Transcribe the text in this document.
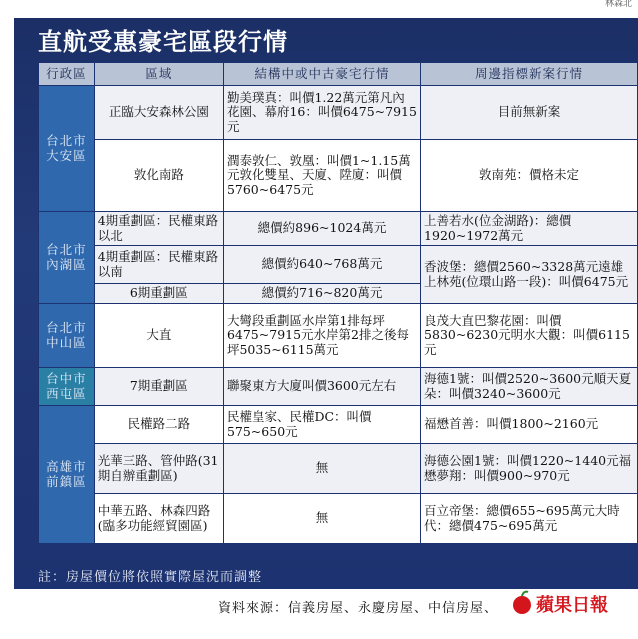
林森北
直航受惠豪宅區段行情
行政區	區域	結構中或中古豪宅行情	周邊指標新案行情
台北市大安區	正臨大安森林公園	勤美璞真：叫價1.22萬元第凡內花園、幕府16：叫價6475~7915元	目前無新案
	敦化南路	潤泰敦仁、敦凰：叫價1~1.15萬元敦化雙星、天廈、陞廈：叫價5760~6475元	敦南苑：價格未定
台北市內湖區	4期重劃區：民權東路以北	總價約896~1024萬元	上善若水(位金湖路)：總價1920~1972萬元
	4期重劃區：民權東路以南	總價約640~768萬元	香波堡：總價2560~3328萬元遠雄上林苑(位環山路一段)：叫價6475元
	6期重劃區	總價約716~820萬元	
台北市中山區	大直	大彎段重劃區水岸第1排每坪6475~7915元水岸第2排之後每坪5035~6115萬元	良茂大直巴黎花園：叫價5830~6230元明水大觀：叫價6115元
台中市西屯區	7期重劃區	聯聚東方大廈叫價3600元左右	海德1號：叫價2520~3600元順天夏朵：叫價3240~3600元
高雄市前鎮區	民權路二路	民權皇家、民權DC：叫價575~650元	福懋首善：叫價1800~2160元
	光華三路、管仲路(31期自辦重劃區)	無	海德公園1號：叫價1220~1440元福懋夢翔：叫價900~970元
	中華五路、林森四路(臨多功能經貿園區)	無	百立帝堡：總價655~695萬元大時代：總價475~695萬元
註：房屋價位將依照實際屋況而調整
資料來源：信義房屋、永慶房屋、中信房屋、 蘋果日報
